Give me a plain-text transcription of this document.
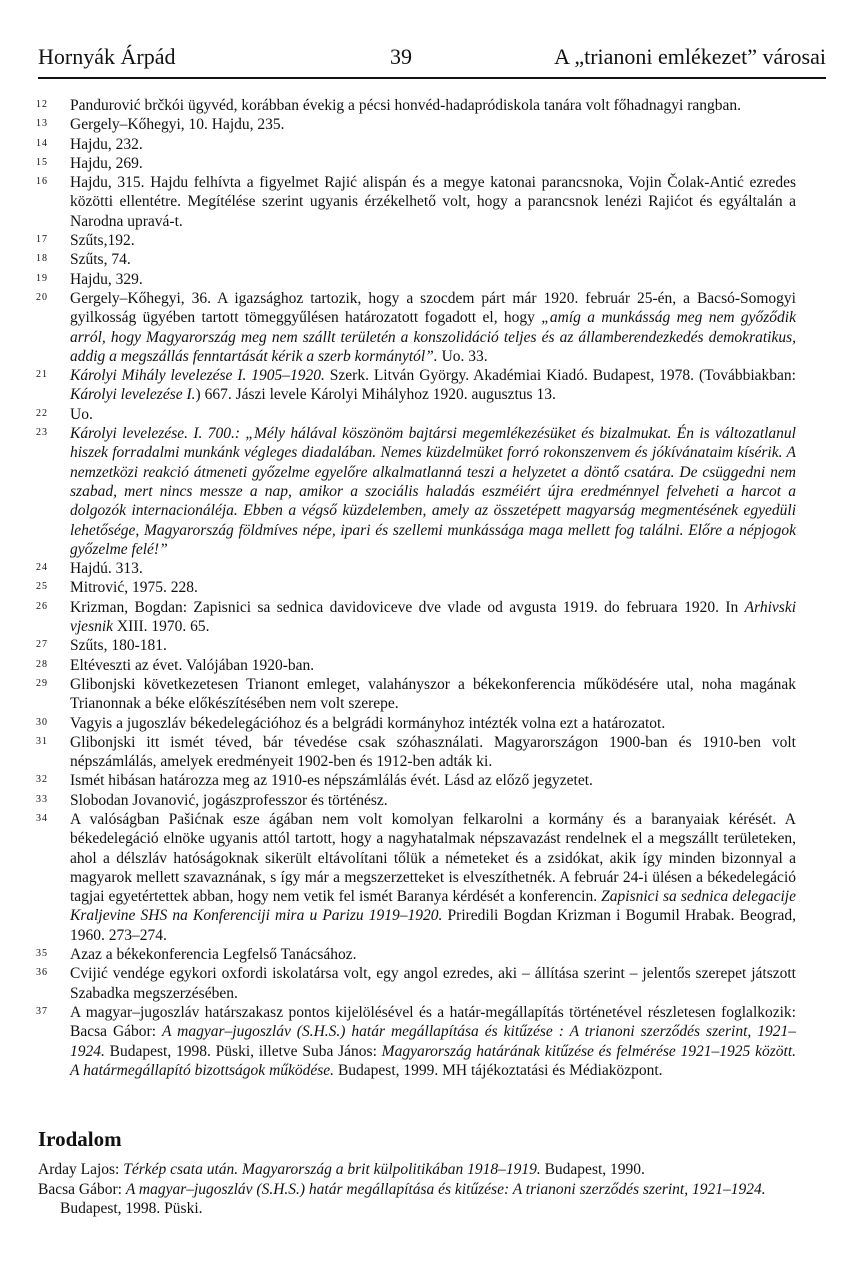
Hornyák Árpád	39	A „trianoni emlékezet” városai

12 Pandurović brčkói ügyvéd, korábban évekig a pécsi honvéd-hadapródiskola tanára volt főhadnagyi rangban.

13 Gergely–Kőhegyi, 10. Hajdu, 235.

14 Hajdu, 232.

15 Hajdu, 269.

16 Hajdu, 315. Hajdu felhívta a figyelmet Rajić alispán és a megye katonai parancsnoka, Vojin Čolak-Antić ezredes közötti ellentétre. Megítélése szerint ugyanis érzékelhető volt, hogy a parancsnok lenézi Rajićot és egyáltalán a Narodna upravá-t.

17 Szűts,192.

18 Szűts, 74.

19 Hajdu, 329.

20 Gergely–Kőhegyi, 36. A igazsághoz tartozik, hogy a szocdem párt már 1920. február 25-én, a Bacsó-Somogyi gyilkosság ügyében tartott tömeggyűlésen határozatott fogadott el, hogy „amíg a munkásság meg nem győződik arról, hogy Magyarország meg nem szállt területén a konszolidáció teljes és az államberendezkedés demokratikus, addig a megszállás fenntartását kérik a szerb kormánytól”. Uo. 33.

21 Károlyi Mihály levelezése I. 1905–1920. Szerk. Litván György. Akadémiai Kiadó. Budapest, 1978. (Továbbiakban: Károlyi levelezése I.) 667. Jászi levele Károlyi Mihályhoz 1920. augusztus 13.

22 Uo.

23 Károlyi levelezése. I. 700.: „Mély hálával köszönöm bajtársi megemlékezésüket és bizalmukat. Én is változatlanul hiszek forradalmi munkánk végleges diadalában. Nemes küzdelmüket forró rokonszenvem és jókívánataim kísérik. A nemzetközi reakció átmeneti győzelme egyelőre alkalmatlanná teszi a helyzetet a döntő csatára. De csüggedni nem szabad, mert nincs messze a nap, amikor a szociális haladás eszméiért újra eredménnyel felveheti a harcot a dolgozók internacionáléja. Ebben a végső küzdelemben, amely az összetépett magyarság megmentésének egyedüli lehetősége, Magyarország földmíves népe, ipari és szellemi munkássága maga mellett fog találni. Előre a népjogok győzelme felé!”

24 Hajdú. 313.

25 Mitrović, 1975. 228.

26 Krizman, Bogdan: Zapisnici sa sednica davidoviceve dve vlade od avgusta 1919. do februara 1920. In Arhivski vjesnik XIII. 1970. 65.

27 Szűts, 180-181.

28 Eltéveszti az évet. Valójában 1920-ban.

29 Glibonjski következetesen Trianont emleget, valahányszor a békekonferencia működésére utal, noha magának Trianonnak a béke előkészítésében nem volt szerepe.

30 Vagyis a jugoszláv békedelegációhoz és a belgrádi kormányhoz intézték volna ezt a határozatot.

31 Glibonjski itt ismét téved, bár tévedése csak szóhasználati. Magyarországon 1900-ban és 1910-ben volt népszámlálás, amelyek eredményeit 1902-ben és 1912-ben adták ki.

32 Ismét hibásan határozza meg az 1910-es népszámlálás évét. Lásd az előző jegyzetet.

33 Slobodan Jovanović, jogászprofesszor és történész.

34 A valóságban Pašićnak esze ágában nem volt komolyan felkarolni a kormány és a baranyaiak kérését. A békedelegáció elnöke ugyanis attól tartott, hogy a nagyhatalmak népszavazást rendelnek el a megszállt területeken, ahol a délszláv hatóságoknak sikerült eltávolítani tőlük a németeket és a zsidókat, akik így minden bizonnyal a magyarok mellett szavaznának, s így már a megszerzetteket is elveszíthetnék. A február 24-i ülésen a békedelegáció tagjai egyetértettek abban, hogy nem vetik fel ismét Baranya kérdését a konferencin. Zapisnici sa sednica delegacije Kraljevine SHS na Konferenciji mira u Parizu 1919–1920. Priredili Bogdan Krizman i Bogumil Hrabak. Beograd, 1960. 273–274.

35 Azaz a békekonferencia Legfelső Tanácsához.

36 Cvijić vendége egykori oxfordi iskolatársa volt, egy angol ezredes, aki – állítása szerint – jelentős szerepet játszott Szabadka megszerzésében.

37 A magyar–jugoszláv határszakasz pontos kijelölésével és a határ-megállapítás történetével részletesen foglalkozik: Bacsa Gábor: A magyar–jugoszláv (S.H.S.) határ megállapítása és kitűzése : A trianoni szerződés szerint, 1921–1924. Budapest, 1998. Püski, illetve Suba János: Magyarország határának kitűzése és felmérése 1921–1925 között. A határmegállapító bizottságok működése. Budapest, 1999. MH tájékoztatási és Médiaközpont.

Irodalom

Arday Lajos: Térkép csata után. Magyarország a brit külpolitikában 1918–1919. Budapest, 1990.

Bacsa Gábor: A magyar–jugoszláv (S.H.S.) határ megállapítása és kitűzése: A trianoni szerződés szerint, 1921–1924. Budapest, 1998. Püski.
